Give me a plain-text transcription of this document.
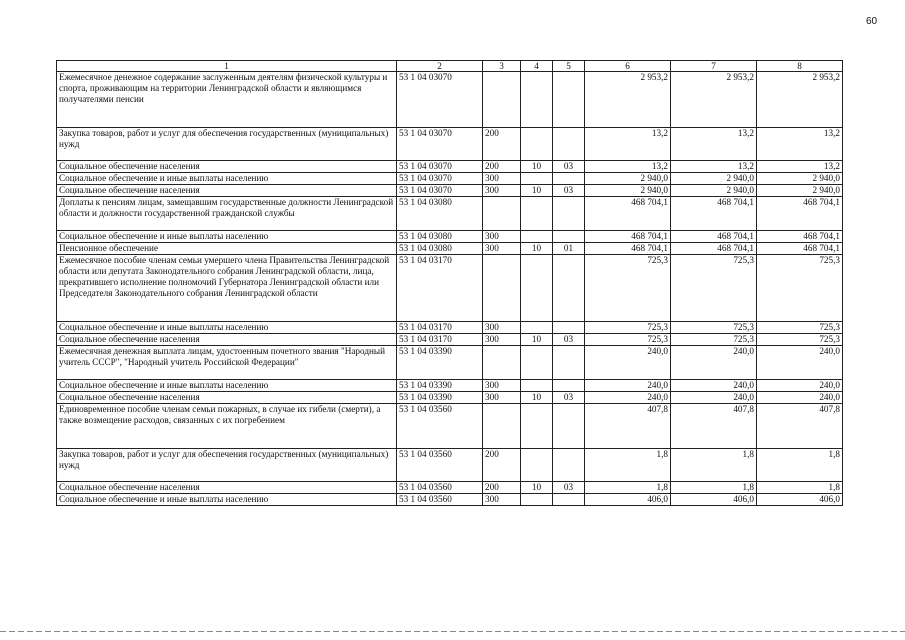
60
1	2	3	4	5	6	7	8
Ежемесячное денежное содержание заслуженным деятелям физической культуры и спорта, проживающим на территории Ленинградской области и являющимся получателями пенсии	53 1 04 03070				2 953,2	2 953,2	2 953,2
Закупка товаров, работ и услуг для обеспечения государственных (муниципальных) нужд	53 1 04 03070	200			13,2	13,2	13,2
Социальное обеспечение населения	53 1 04 03070	200	10	03	13,2	13,2	13,2
Социальное обеспечение и иные выплаты населению	53 1 04 03070	300			2 940,0	2 940,0	2 940,0
Социальное обеспечение населения	53 1 04 03070	300	10	03	2 940,0	2 940,0	2 940,0
Доплаты к пенсиям лицам, замещавшим государственные должности Ленинградской области и должности государственной гражданской службы	53 1 04 03080				468 704,1	468 704,1	468 704,1
Социальное обеспечение и иные выплаты населению	53 1 04 03080	300			468 704,1	468 704,1	468 704,1
Пенсионное обеспечение	53 1 04 03080	300	10	01	468 704,1	468 704,1	468 704,1
Ежемесячное пособие членам семьи умершего члена Правительства Ленинградской области или депутата Законодательного собрания Ленинградской области, лица, прекратившего исполнение полномочий Губернатора Ленинградской области или Председателя Законодательного собрания Ленинградской области	53 1 04 03170				725,3	725,3	725,3
Социальное обеспечение и иные выплаты населению	53 1 04 03170	300			725,3	725,3	725,3
Социальное обеспечение населения	53 1 04 03170	300	10	03	725,3	725,3	725,3
Ежемесячная денежная выплата лицам, удостоенным почетного звания "Народный учитель СССР", "Народный учитель Российской Федерации"	53 1 04 03390				240,0	240,0	240,0
Социальное обеспечение и иные выплаты населению	53 1 04 03390	300			240,0	240,0	240,0
Социальное обеспечение населения	53 1 04 03390	300	10	03	240,0	240,0	240,0
Единовременное пособие членам семьи пожарных, в случае их гибели (смерти), а также возмещение расходов, связанных с их погребением	53 1 04 03560				407,8	407,8	407,8
Закупка товаров, работ и услуг для обеспечения государственных (муниципальных) нужд	53 1 04 03560	200			1,8	1,8	1,8
Социальное обеспечение населения	53 1 04 03560	200	10	03	1,8	1,8	1,8
Социальное обеспечение и иные выплаты населению	53 1 04 03560	300			406,0	406,0	406,0
